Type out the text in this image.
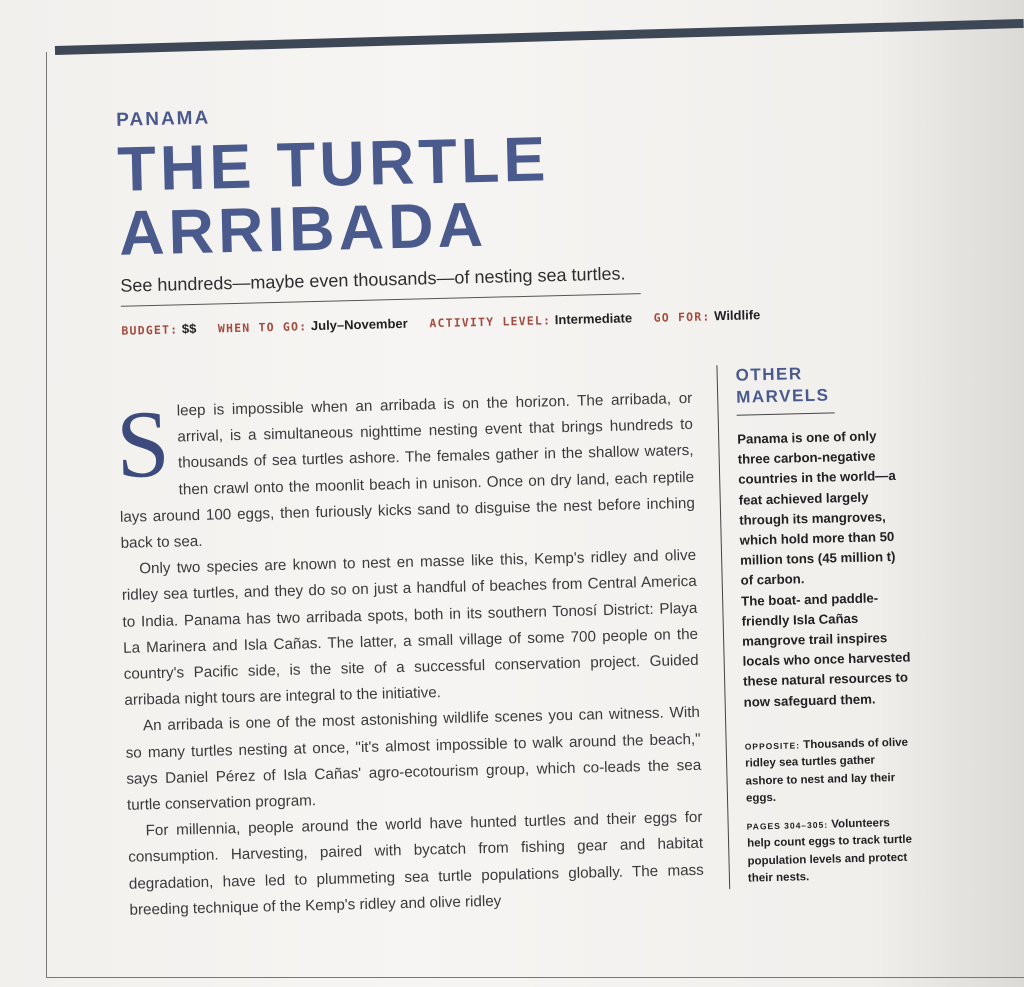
PANAMA
THE TURTLE
ARRIBADA
See hundreds—maybe even thousands—of nesting sea turtles.
BUDGET: $$ WHEN TO GO: July–November ACTIVITY LEVEL: Intermediate GO FOR: Wildlife

Sleep is impossible when an arribada is on the horizon. The arribada, or arrival, is a simultaneous nighttime nesting event that brings hundreds to thousands of sea turtles ashore. The females gather in the shallow waters, then crawl onto the moonlit beach in unison. Once on dry land, each reptile lays around 100 eggs, then furiously kicks sand to disguise the nest before inching back to sea.

Only two species are known to nest en masse like this, Kemp's ridley and olive ridley sea turtles, and they do so on just a handful of beaches from Central America to India. Panama has two arribada spots, both in its southern Tonosí District: Playa La Marinera and Isla Cañas. The latter, a small village of some 700 people on the country's Pacific side, is the site of a successful conservation project. Guided arribada night tours are integral to the initiative.

An arribada is one of the most astonishing wildlife scenes you can witness. With so many turtles nesting at once, "it's almost impossible to walk around the beach," says Daniel Pérez of Isla Cañas' agro-ecotourism group, which co-leads the sea turtle conservation program.

For millennia, people around the world have hunted turtles and their eggs for consumption. Harvesting, paired with bycatch from fishing gear and habitat degradation, have led to plummeting sea turtle populations globally. The mass breeding technique of the Kemp's ridley and olive ridley

OTHER
MARVELS
Panama is one of only three carbon-negative countries in the world—a feat achieved largely through its mangroves, which hold more than 50 million tons (45 million t) of carbon.
The boat- and paddle-friendly Isla Cañas mangrove trail inspires locals who once harvested these natural resources to now safeguard them.
OPPOSITE: Thousands of olive ridley sea turtles gather ashore to nest and lay their eggs.
PAGES 304–305: Volunteers help count eggs to track turtle population levels and protect their nests.
